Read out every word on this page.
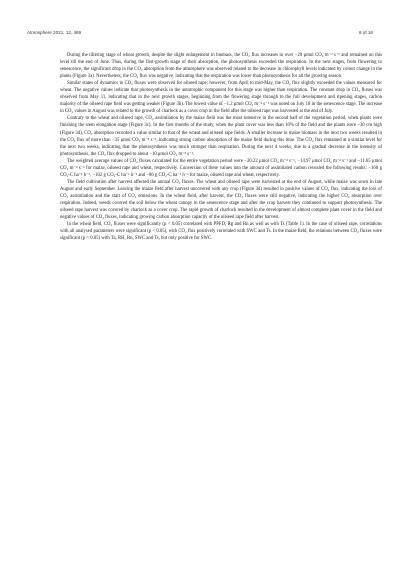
Atmosphere 2021, 12, 469	8 of 16

During the tillering stage of wheat growth, despite the slight enlargement in biomass, the CO₂ flux increases to over −20 μmol CO₂ m⁻² s⁻¹ and remained on this level till the end of June. Thus, during the first-growth stage of their absorption, the photosynthesis exceeded the respiration. In the next stages, from flowering to senescence, the significant drop in the CO₂ absorption from the atmosphere was observed related to the decrease in chlorophyll levels indicated by colour change in the plants (Figure 3a). Nevertheless, the CO₂ flux was negative, indicating that the respiration was lower than photosynthesis for all the growing season.

Similar states of dynamics in CO₂ fluxes were observed for oilseed rape; however, from April to mid-May, the CO₂ flux slightly exceeded the values measured for wheat. The negative values indicate that photosynthesis in the autotrophic component for this stage was higher than respiration. The constant drop in CO₂ fluxes was observed from May 11, indicating that in the next growth stages, beginning from the flowering stage through to the full development and ripening stages, carbon majority of the oilseed rape field was getting weaker (Figure 3b). The lowest value of −1.2 μmol CO₂ m⁻² s⁻¹ was noted on July 18 in the senescence stage. The increase in CO₂ values in August was related to the growth of charlock as a cover crop in the field after the oilseed rape was harvested at the end of July.

Contrary to the wheat and oilseed rape, CO₂ assimilation by the maize field was the most intensive in the second half of the vegetation period, when plants were finishing the stem elongation stage (Figure 3c). In the first months of the study, when the plant cover was less than 10% of the field and the plants were ~30 cm high (Figure 3d), CO₂ absorption recorded a value similar to that of the wheat and oilseed rape fields. A smaller increase in maize biomass in the next two weeks resulted in the CO₂ flux of more than −35 μmol CO₂ m⁻² s⁻¹, indicating strong carbon absorption of the maize field during this time. The CO₂ flux remained at a similar level for the next two weeks, indicating that the photosynthesis was much stronger than respiration. During the next 4 weeks, due to a gradual decrease in the intensity of photosynthesis, the CO₂ flux dropped to about −10 μmol CO₂ m⁻² s⁻¹.

The weighted average values of CO₂ fluxes calculated for the entire vegetation period were −20.22 μmol CO₂ m⁻² s⁻¹, −14.97 μmol CO₂ m⁻² s⁻¹ and −11.65 μmol CO₂ m⁻² s⁻¹ for maize, oilseed rape and wheat, respectively. Conversion of these values into the amount of assimilated carbon revealed the following results: −160 g CO₂-C ha⁻¹ h⁻¹, −102 g CO₂-C ha⁻¹ h⁻¹ and −86 g CO₂-C ha⁻¹ h⁻¹ for maize, oilseed rape and wheat, respectively.

The field cultivation after harvest affected the annual CO₂ fluxes. The wheat and oilseed rape were harvested at the end of August, while maize was sown in late August and early September. Leaving the maize field after harvest uncovered with any crop (Figure 3d) resulted in positive values of CO₂ flux, indicating the loss of CO₂ assimilation and the start of CO₂ emissions. In the wheat field, after harvest, the CO₂ fluxes were still negative, indicating the higher CO₂ absorption over respiration. Indeed, weeds covered the soil below the wheat canopy in the senescence stage and after the crop harvest they continued to support photosynthesis. The oilseed rape harvest was covered by charlock as a cover crop. The rapid growth of charlock resulted in the development of almost complete plant cover in the field and negative values of CO₂ fluxes, indicating growing carbon absorption capacity of the oilseed rape field after harvest.

In the wheat field, CO₂ fluxes were significantly (p < 0.05) correlated with PPFD, Rg and Rn as well as with Ts (Table 1). In the case of oilseed rape, correlations with all analysed parameters were significant (p < 0.05), with CO₂ flux positively correlated with SWC and Ts. In the maize field, the relations between CO₂ fluxes were significant (p < 0.05) with Ta, RH, Rn, SWC and Ts, but only positive for SWC.
